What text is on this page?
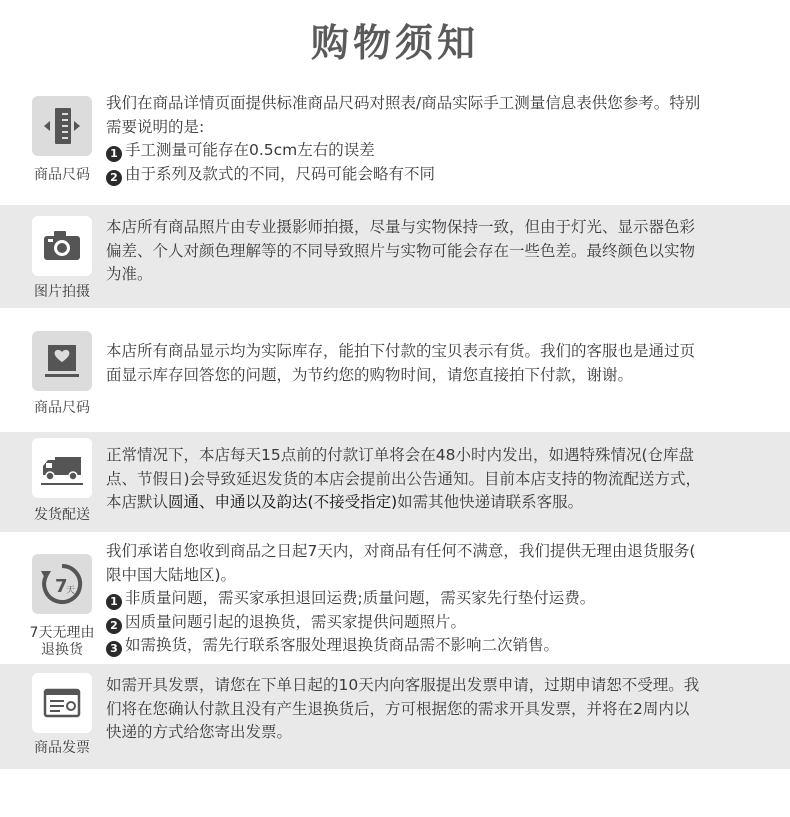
购物须知
商品尺码
我们在商品详情页面提供标准商品尺码对照表/商品实际手工测量信息表供您参考。特别
需要说明的是:
1 手工测量可能存在0.5cm左右的误差
2 由于系列及款式的不同，尺码可能会略有不同
图片拍摄
本店所有商品照片由专业摄影师拍摄，尽量与实物保持一致，但由于灯光、显示器色彩
偏差、个人对颜色理解等的不同导致照片与实物可能会存在一些色差。最终颜色以实物
为准。
商品尺码
本店所有商品显示均为实际库存，能拍下付款的宝贝表示有货。我们的客服也是通过页
面显示库存回答您的问题，为节约您的购物时间，请您直接拍下付款，谢谢。
发货配送
正常情况下，本店每天15点前的付款订单将会在48小时内发出，如遇特殊情况(仓库盘
点、节假日)会导致延迟发货的本店会提前出公告通知。目前本店支持的物流配送方式，
本店默认圆通、申通以及韵达(不接受指定)如需其他快递请联系客服。
7
天
7天无理由
退换货
我们承诺自您收到商品之日起7天内，对商品有任何不满意，我们提供无理由退货服务(
限中国大陆地区)。
1 非质量问题，需买家承担退回运费;质量问题，需买家先行垫付运费。
2 因质量问题引起的退换货，需买家提供问题照片。
3 如需换货，需先行联系客服处理退换货商品需不影响二次销售。
商品发票
如需开具发票，请您在下单日起的10天内向客服提出发票申请，过期申请恕不受理。我
们将在您确认付款且没有产生退换货后，方可根据您的需求开具发票，并将在2周内以
快递的方式给您寄出发票。
